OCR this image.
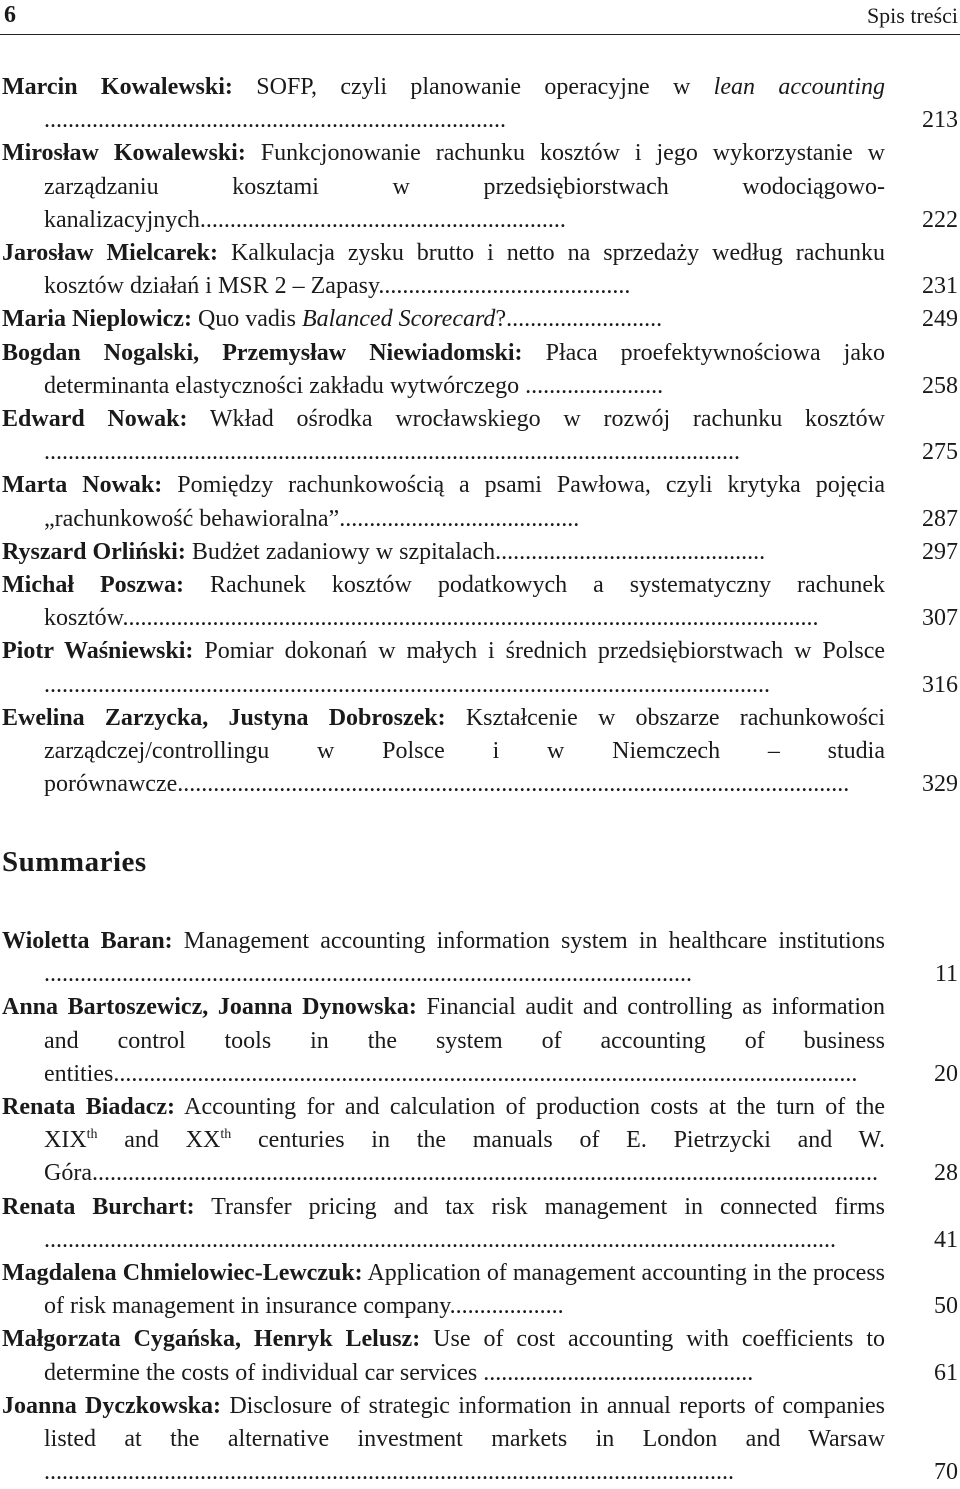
6	Spis treści
Marcin Kowalewski: SOFP, czyli planowanie operacyjne w lean accounting .............................................................................	213
Mirosław Kowalewski: Funkcjonowanie rachunku kosztów i jego wykorzystanie w zarządzaniu kosztami w przedsiębiorstwach wodociągowo-kanalizacyjnych.............................................................	222
Jarosław Mielcarek: Kalkulacja zysku brutto i netto na sprzedaży według rachunku kosztów działań i MSR 2 – Zapasy..........................................	231
Maria Nieplowicz: Quo vadis Balanced Scorecard?..........................	249
Bogdan Nogalski, Przemysław Niewiadomski: Płaca proefektywnościowa jako determinanta elastyczności zakładu wytwórczego .......................	258
Edward Nowak: Wkład ośrodka wrocławskiego w rozwój rachunku kosztów ....................................................................................................................	275
Marta Nowak: Pomiędzy rachunkowością a psami Pawłowa, czyli krytyka pojęcia „rachunkowość behawioralna”........................................	287
Ryszard Orliński: Budżet zadaniowy w szpitalach.............................................	297
Michał Poszwa: Rachunek kosztów podatkowych a systematyczny rachunek kosztów....................................................................................................................	307
Piotr Waśniewski: Pomiar dokonań w małych i średnich przedsiębiorstwach w Polsce .........................................................................................................................	316
Ewelina Zarzycka, Justyna Dobroszek: Kształcenie w obszarze rachunkowości zarządczej/controllingu w Polsce i w Niemczech – studia porównawcze................................................................................................................	329
Summaries
Wioletta Baran: Management accounting information system in healthcare institutions ............................................................................................................	11
Anna Bartoszewicz, Joanna Dynowska: Financial audit and controlling as information and control tools in the system of accounting of business entities............................................................................................................................	20
Renata Biadacz: Accounting for and calculation of production costs at the turn of the XIXth and XXth centuries in the manuals of E. Pietrzycki and W. Góra................................................................................................................................... 28
Renata Burchart: Transfer pricing and tax risk management in connected firms ....................................................................................................................................	41
Magdalena Chmielowiec-Lewczuk: Application of management accounting in the process of risk management in insurance company...................	50
Małgorzata Cygańska, Henryk Lelusz: Use of cost accounting with coefficients to determine the costs of individual car services .............................................	61
Joanna Dyczkowska: Disclosure of strategic information in annual reports of companies listed at the alternative investment markets in London and Warsaw ...................................................................................................................	70
